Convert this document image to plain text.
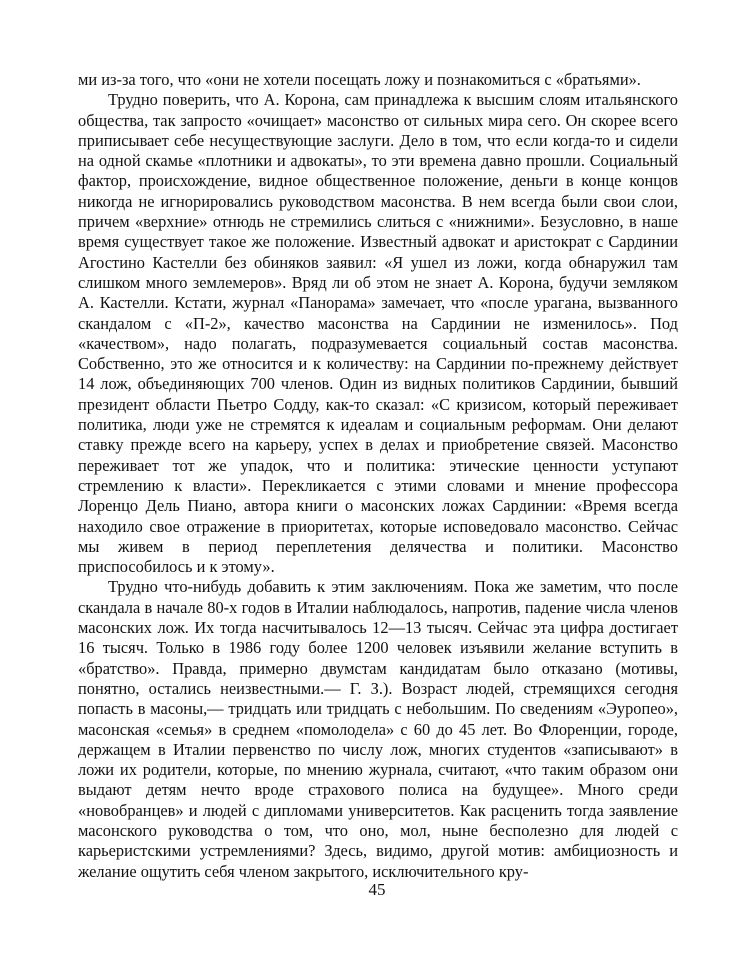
ми из-за того, что «они не хотели посещать ложу и познакомиться с «братьями».

Трудно поверить, что А. Корона, сам принадлежа к высшим слоям итальянского общества, так запросто «очищает» масонство от сильных мира сего. Он скорее всего приписывает себе несуществующие заслуги. Дело в том, что если когда-то и сидели на одной скамье «плотники и адвокаты», то эти времена давно прошли. Социальный фактор, происхождение, видное общественное положение, деньги в конце концов никогда не игнорировались руководством масонства. В нем всегда были свои слои, причем «верхние» отнюдь не стремились слиться с «нижними». Безусловно, в наше время существует такое же положение. Известный адвокат и аристократ с Сардинии Агостино Кастелли без обиняков заявил: «Я ушел из ложи, когда обнаружил там слишком много землемеров». Вряд ли об этом не знает А. Корона, будучи земляком А. Кастелли. Кстати, журнал «Панорама» замечает, что «после урагана, вызванного скандалом с «П-2», качество масонства на Сардинии не изменилось». Под «качеством», надо полагать, подразумевается социальный состав масонства. Собственно, это же относится и к количеству: на Сардинии по-прежнему действует 14 лож, объединяющих 700 членов. Один из видных политиков Сардинии, бывший президент области Пьетро Содду, как-то сказал: «С кризисом, который переживает политика, люди уже не стремятся к идеалам и социальным реформам. Они делают ставку прежде всего на карьеру, успех в делах и приобретение связей. Масонство переживает тот же упадок, что и политика: этические ценности уступают стремлению к власти». Перекликается с этими словами и мнение профессора Лоренцо Дель Пиано, автора книги о масонских ложах Сардинии: «Время всегда находило свое отражение в приоритетах, которые исповедовало масонство. Сейчас мы живем в период переплетения делячества и политики. Масонство приспособилось и к этому».

Трудно что-нибудь добавить к этим заключениям. Пока же заметим, что после скандала в начале 80-х годов в Италии наблюдалось, напротив, падение числа членов масонских лож. Их тогда насчитывалось 12—13 тысяч. Сейчас эта цифра достигает 16 тысяч. Только в 1986 году более 1200 человек изъявили желание вступить в «братство». Правда, примерно двумстам кандидатам было отказано (мотивы, понятно, остались неизвестными.— Г. З.). Возраст людей, стремящихся сегодня попасть в масоны,— тридцать или тридцать с небольшим. По сведениям «Эуропео», масонская «семья» в среднем «помолодела» с 60 до 45 лет. Во Флоренции, городе, держащем в Италии первенство по числу лож, многих студентов «записывают» в ложи их родители, которые, по мнению журнала, считают, «что таким образом они выдают детям нечто вроде страхового полиса на будущее». Много среди «новобранцев» и людей с дипломами университетов. Как расценить тогда заявление масонского руководства о том, что оно, мол, ныне бесполезно для людей с карьеристскими устремлениями? Здесь, видимо, другой мотив: амбициозность и желание ощутить себя членом закрытого, исключительного кру-

45
